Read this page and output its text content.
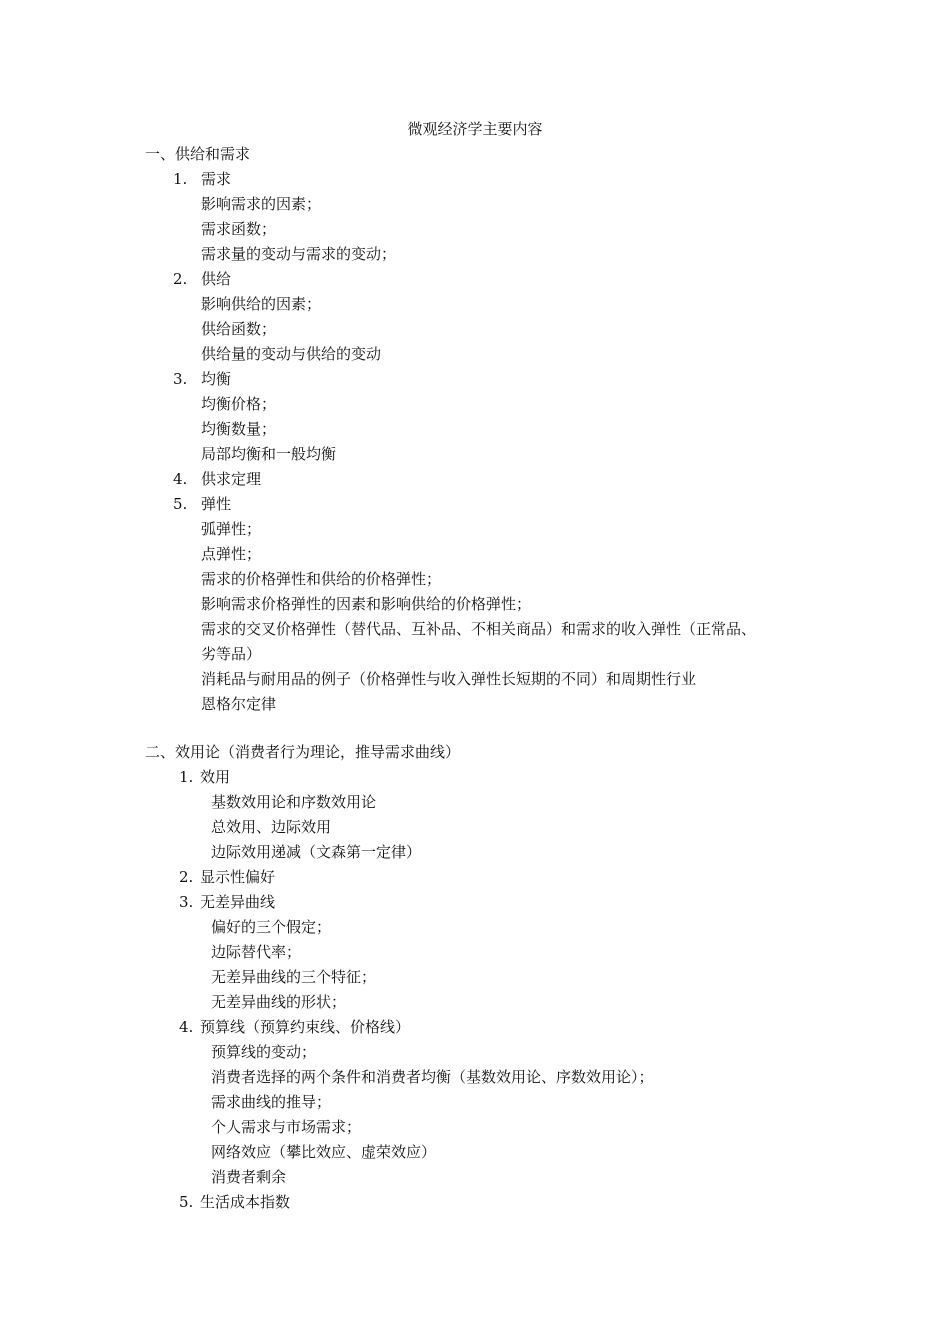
微观经济学主要内容
一、供给和需求
1. 需求
影响需求的因素；
需求函数；
需求量的变动与需求的变动；
2. 供给
影响供给的因素；
供给函数；
供给量的变动与供给的变动
3. 均衡
均衡价格；
均衡数量；
局部均衡和一般均衡
4. 供求定理
5. 弹性
弧弹性；
点弹性；
需求的价格弹性和供给的价格弹性；
影响需求价格弹性的因素和影响供给的价格弹性；
需求的交叉价格弹性（替代品、互补品、不相关商品）和需求的收入弹性（正常品、
劣等品）
消耗品与耐用品的例子（价格弹性与收入弹性长短期的不同）和周期性行业
恩格尔定律
二、效用论（消费者行为理论，推导需求曲线）
1. 效用
基数效用论和序数效用论
总效用、边际效用
边际效用递减（文森第一定律）
2. 显示性偏好
3. 无差异曲线
偏好的三个假定；
边际替代率；
无差异曲线的三个特征；
无差异曲线的形状；
4. 预算线（预算约束线、价格线）
预算线的变动；
消费者选择的两个条件和消费者均衡（基数效用论、序数效用论）；
需求曲线的推导；
个人需求与市场需求；
网络效应（攀比效应、虚荣效应）
消费者剩余
5. 生活成本指数
